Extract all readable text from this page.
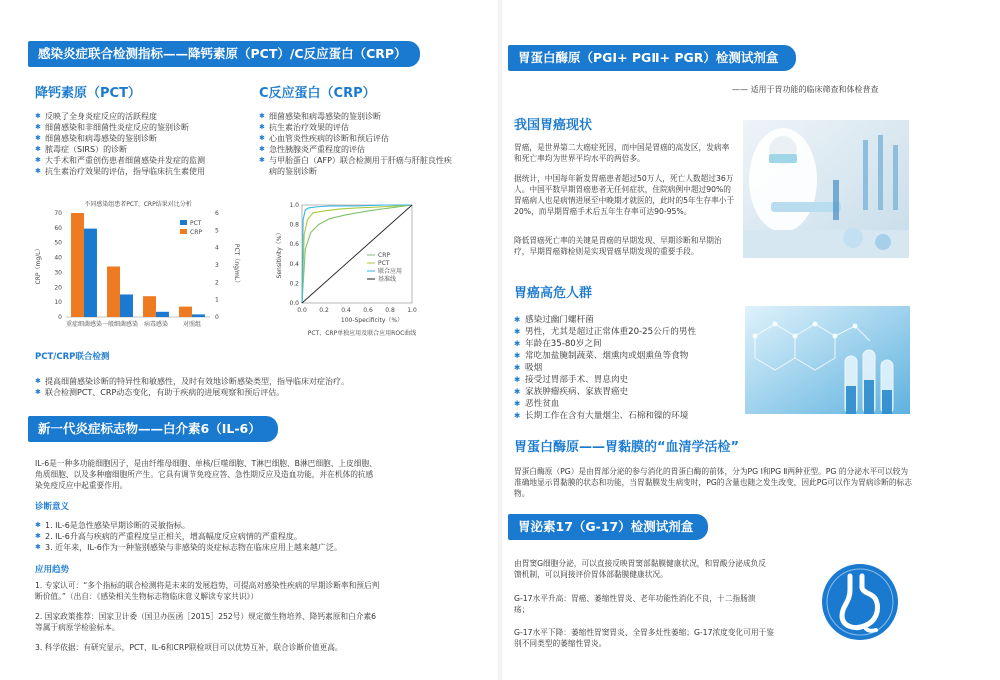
感染炎症联合检测指标——降钙素原（PCT）/C反应蛋白（CRP）
降钙素原（PCT）
✱ 反映了全身炎症反应的活跃程度
✱ 细菌感染和非细菌性炎症反应的鉴别诊断
✱ 细菌感染和病毒感染的鉴别诊断
✱ 脓毒症（SIRS）的诊断
✱ 大手术和严重创伤患者细菌感染并发症的监测
✱ 抗生素治疗效果的评估，指导临床抗生素使用
C反应蛋白（CRP）
✱ 细菌感染和病毒感染的鉴别诊断
✱ 抗生素治疗效果的评估
✱ 心血管炎性疾病的诊断和预后评估
✱ 急性胰腺炎严重程度的评估
✱ 与甲胎蛋白（AFP）联合检测用于肝癌与肝脏良性疾病的鉴别诊断
不同感染组患者PCT、CRP结果对比分析
0
10
20
30
40
50
60
70
0
1
2
3
4
5
6
CRP（mg/L）	PCT（ng/mL）
重症细菌感染 一般细菌感染 病毒感染 对照组
PCT
CRP
0.0 0.2 0.4 0.6 0.8 1.0
0.0
0.2
0.4
0.6
0.8
1.0
100-Specificity（%）
Sensitivity（%）	CRP
PCT
联合应用
基准线
PCT、CRP单独应用及联合应用ROC曲线
PCT/CRP联合检测
✱ 提高细菌感染诊断的特异性和敏感性，及时有效地诊断感染类型，指导临床对症治疗。
✱ 联合检测PCT、CRP动态变化，有助于疾病的进展观察和预后评估。
新一代炎症标志物——白介素6（IL-6）
IL-6是一种多功能细胞因子，是由纤维母细胞、单核/巨噬细胞、T淋巴细胞、B淋巴细胞、上皮细胞、角质细胞、以及多种瘤细胞所产生。它具有调节免疫应答、急性期反应及造血功能，并在机体的抗感染免疫反应中起重要作用。
诊断意义
✱ 1. IL-6是急性感染早期诊断的灵敏指标。
✱ 2. IL-6升高与疾病的严重程度呈正相关，增高幅度反应病情的严重程度。
✱ 3. 近年来，IL-6作为一种鉴别感染与非感染的炎症标志物在临床应用上越来越广泛。
应用趋势
1. 专家认可：“多个指标的联合检测将是未来的发展趋势，可提高对感染性疾病的早期诊断率和预后判断价值。”（出自：《感染相关生物标志物临床意义解读专家共识》）
2. 国家政策推荐：国家卫计委（国卫办医函［2015］252号）规定微生物培养、降钙素原和白介素6等属于病原学检验标本。
3. 科学依据：有研究显示，PCT、IL-6和CRP联检项目可以优势互补，联合诊断价值更高。
胃蛋白酶原（PGⅠ+ PGⅡ+ PGR）检测试剂盒
—— 适用于胃功能的临床筛查和体检普查
我国胃癌现状
胃癌，是世界第二大癌症死因，而中国是胃癌的高发区，发病率和死亡率均为世界平均水平的两倍多。
据统计，中国每年新发胃癌患者超过50万人，死亡人数超过36万人。中国平数早期胃癌患者无任何症状，住院病例中超过90%的胃癌病人也是病情进展至中晚期才就医的，此时的5年生存率小于20%，而早期胃癌手术后五年生存率可达90-95%。
降低胃癌死亡率的关键是胃癌的早期发现、早期诊断和早期治疗，早期胃癌筛检则是实现胃癌早期发现的重要手段。
胃癌高危人群
✱ 感染过幽门螺杆菌
✱ 男性，尤其是超过正常体重20-25公斤的男性
✱ 年龄在35-80岁之间
✱ 常吃加盐腌制蔬菜、烟熏肉或烟熏鱼等食物
✱ 吸烟
✱ 接受过胃部手术、胃息肉史
✱ 家族肿瘤疾病、家族胃癌史
✱ 恶性贫血
✱ 长期工作在含有大量烟尘、石棉和镍的环境
胃蛋白酶原——胃黏膜的“血清学活检”
胃蛋白酶原（PG）是由胃部分泌的参与消化的胃蛋白酶的前体，分为PG Ⅰ和PG Ⅱ两种亚型。PG 的分泌水平可以较为准确地显示胃黏膜的状态和功能，当胃黏膜发生病变时，PG的含量也随之发生改变，因此PG可以作为胃病诊断的标志物。
胃泌素17（G-17）检测试剂盒
由胃窦G细胞分泌，可以直接反映胃窦部黏膜健康状况，和胃酸分泌成负反馈机制，可以间接评价胃体部黏膜健康状况。
G-17水平升高：胃癌、萎缩性胃炎、老年功能性消化不良，十二指肠溃疡；
G-17水平下降：萎缩性胃窦胃炎、全胃多灶性萎缩；G-17浓度变化可用于鉴别不同类型的萎缩性胃炎。
